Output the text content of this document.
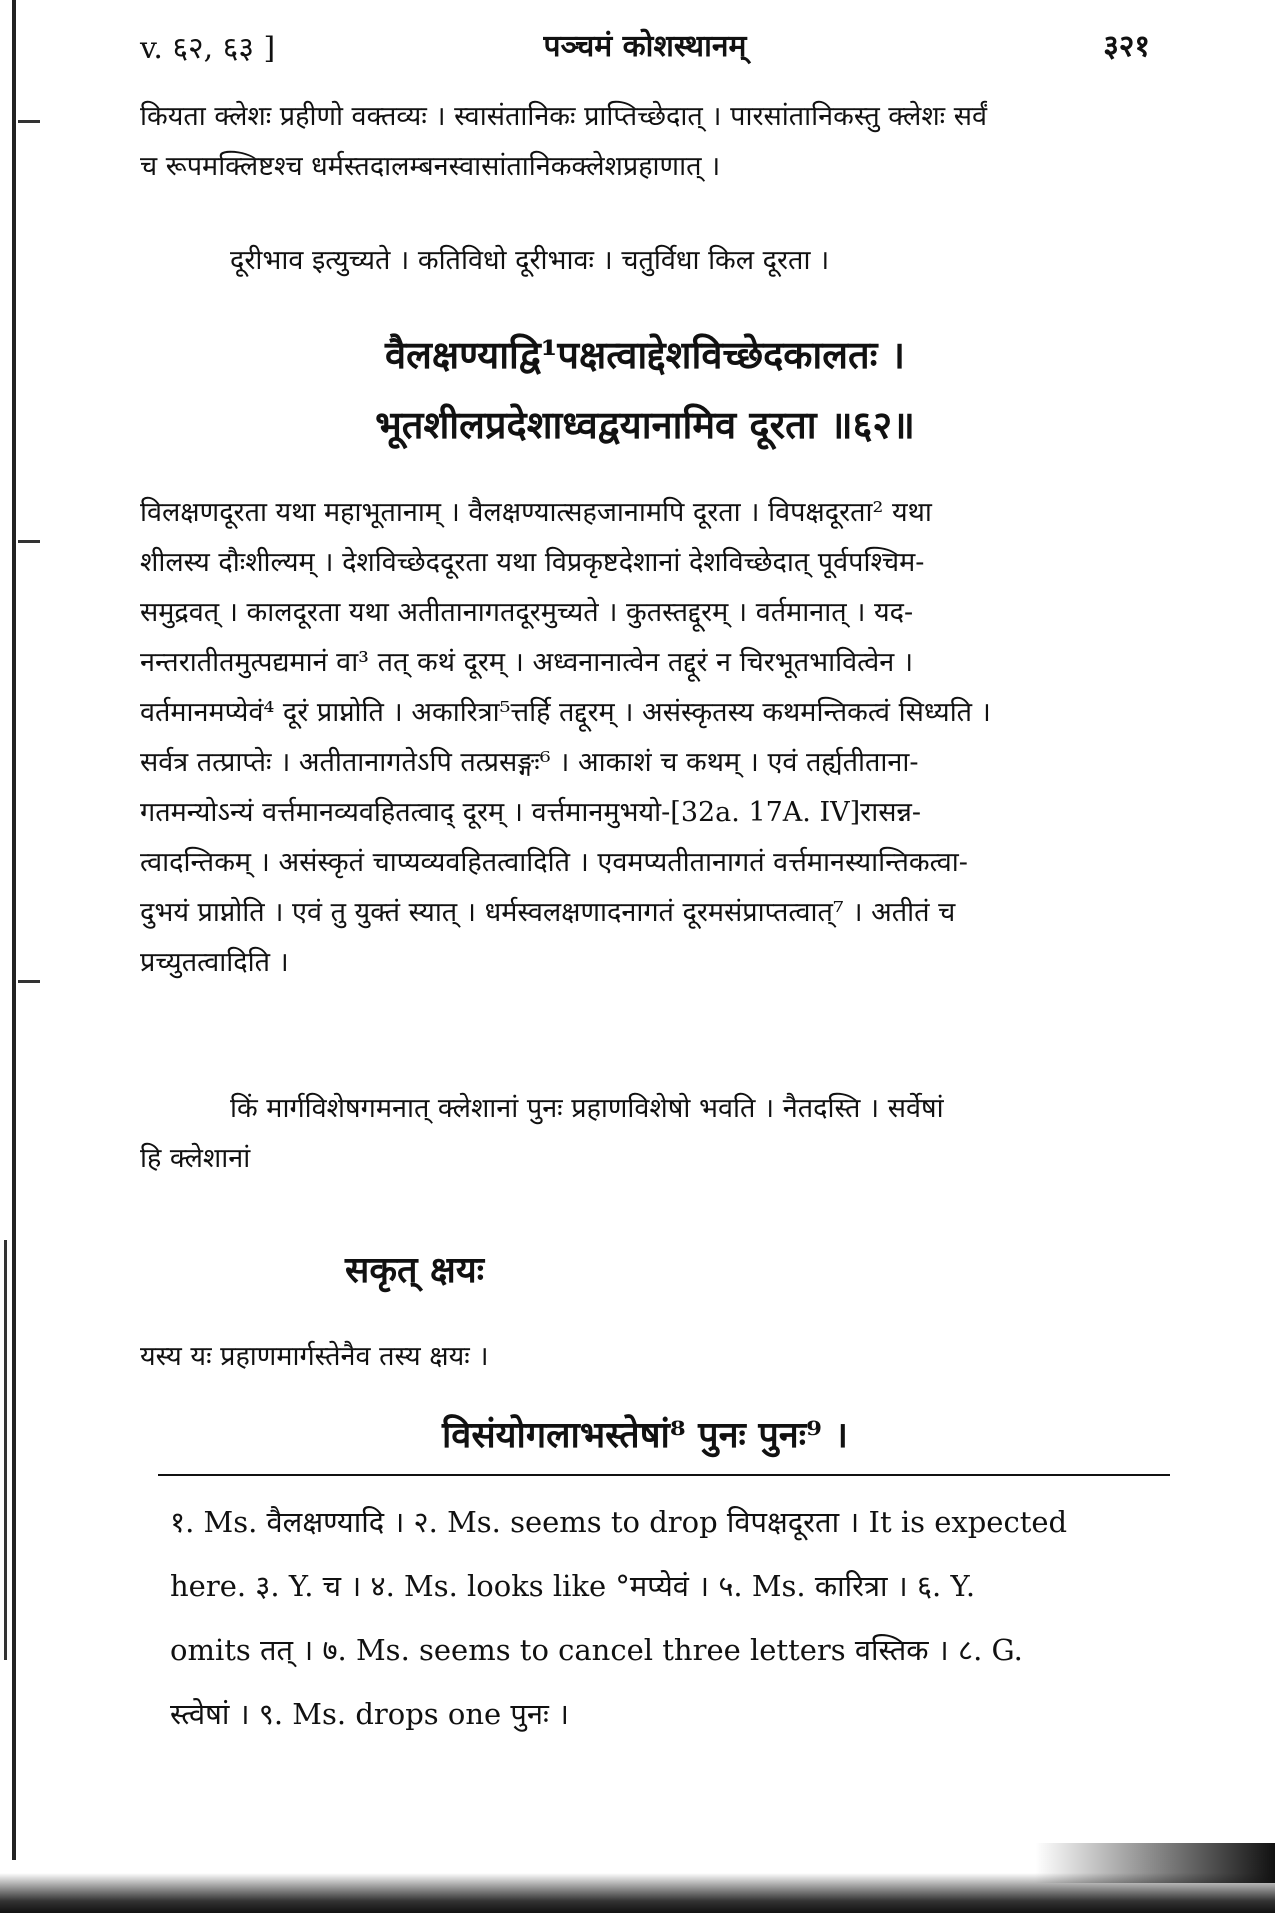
v. ६२, ६३ ]	पञ्चमं कोशस्थानम्	३२१

कियता क्लेशः प्रहीणो वक्तव्यः । स्वासंतानिकः प्राप्तिच्छेदात् । पारसांतानिकस्तु क्लेशः सर्वं

च रूपमक्लिष्टश्च धर्मस्तदालम्बनस्वासांतानिकक्लेशप्रहाणात् ।

दूरीभाव इत्युच्यते । कतिविधो दूरीभावः । चतुर्विधा किल दूरता ।

वैलक्षण्याद्वि¹पक्षत्वाद्देशविच्छेदकालतः ।
भूतशीलप्रदेशाध्वद्वयानामिव दूरता ॥६२॥

विलक्षणदूरता यथा महाभूतानाम् । वैलक्षण्यात्सहजानामपि दूरता । विपक्षदूरता² यथा

शीलस्य दौःशील्यम् । देशविच्छेददूरता यथा विप्रकृष्टदेशानां देशविच्छेदात् पूर्वपश्चिम-

समुद्रवत् । कालदूरता यथा अतीतानागतदूरमुच्यते । कुतस्तद्दूरम् । वर्तमानात् । यद-

नन्तरातीतमुत्पद्यमानं वा³ तत् कथं दूरम् । अध्वनानात्वेन तद्दूरं न चिरभूतभावित्वेन ।

वर्तमानमप्येवं⁴ दूरं प्राप्नोति । अकारित्रा⁵त्तर्हि तद्दूरम् । असंस्कृतस्य कथमन्तिकत्वं सिध्यति ।

सर्वत्र तत्प्राप्तेः । अतीतानागतेऽपि तत्प्रसङ्गः⁶ । आकाशं च कथम् । एवं तर्ह्यतीताना-

गतमन्योऽन्यं वर्त्तमानव्यवहितत्वाद् दूरम् । वर्त्तमानमुभयो-[32a. 17A. IV]रासन्न-

त्वादन्तिकम् । असंस्कृतं चाप्यव्यवहितत्वादिति । एवमप्यतीतानागतं वर्त्तमानस्यान्तिकत्वा-

दुभयं प्राप्नोति । एवं तु युक्तं स्यात् । धर्मस्वलक्षणादनागतं दूरमसंप्राप्तत्वात्⁷ । अतीतं च

प्रच्युतत्वादिति ।

किं मार्गविशेषगमनात् क्लेशानां पुनः प्रहाणविशेषो भवति । नैतदस्ति । सर्वेषां

हि क्लेशानां

सकृत् क्षयः

यस्य यः प्रहाणमार्गस्तेनैव तस्य क्षयः ।

विसंयोगलाभस्तेषां⁸ पुनः पुनः⁹ ।
१. Ms. वैलक्षण्यादि । २. Ms. seems to drop विपक्षदूरता । It is expected
here. ३. Y. च । ४. Ms. looks like °मप्येवं । ५. Ms. कारित्रा । ६. Y.
omits तत् । ७. Ms. seems to cancel three letters वस्तिक । ८. G.
स्त्वेषां । ९. Ms. drops one पुनः ।
